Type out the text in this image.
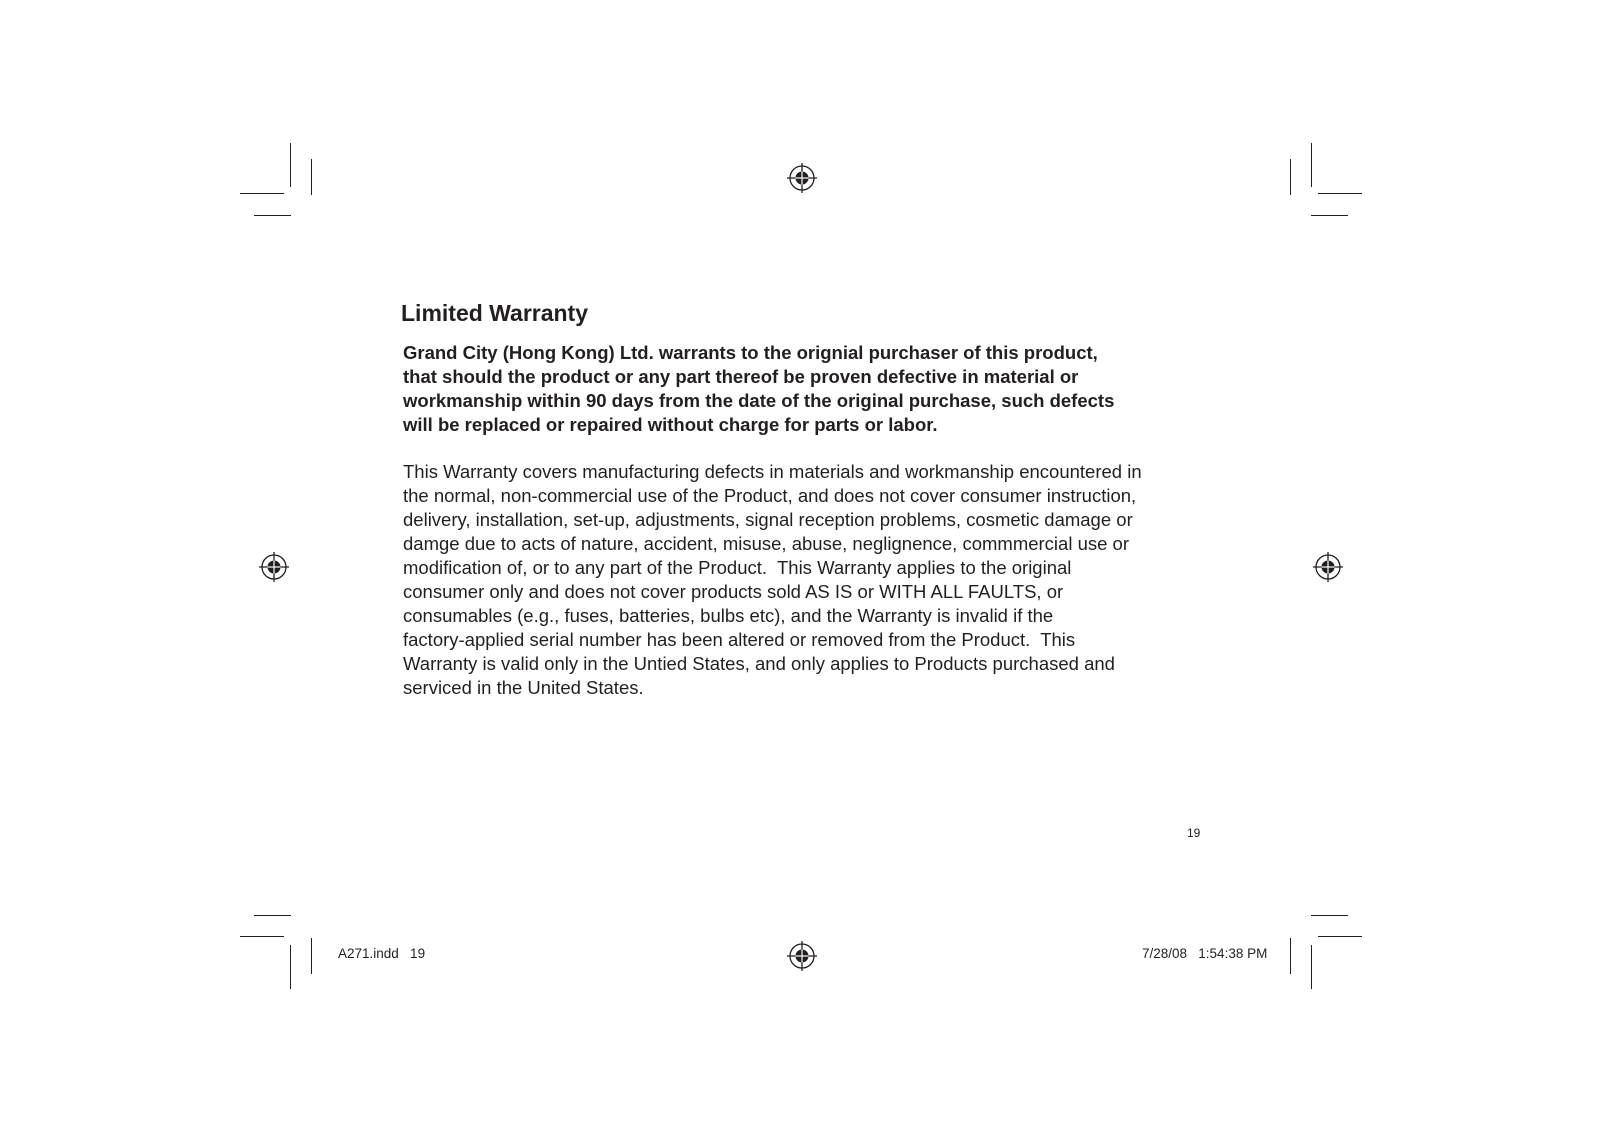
Limited Warranty

Grand City (Hong Kong) Ltd. warrants to the orignial purchaser of this product,
that should the product or any part thereof be proven defective in material or
workmanship within 90 days from the date of the original purchase, such defects
will be replaced or repaired without charge for parts or labor.

This Warranty covers manufacturing defects in materials and workmanship encountered in
the normal, non-commercial use of the Product, and does not cover consumer instruction,
delivery, installation, set-up, adjustments, signal reception problems, cosmetic damage or
damge due to acts of nature, accident, misuse, abuse, neglignence, commmercial use or
modification of, or to any part of the Product.  This Warranty applies to the original
consumer only and does not cover products sold AS IS or WITH ALL FAULTS, or
consumables (e.g., fuses, batteries, bulbs etc), and the Warranty is invalid if the
factory-applied serial number has been altered or removed from the Product.  This
Warranty is valid only in the Untied States, and only applies to Products purchased and
serviced in the United States.

19
A271.indd   19	7/28/08   1:54:38 PM
